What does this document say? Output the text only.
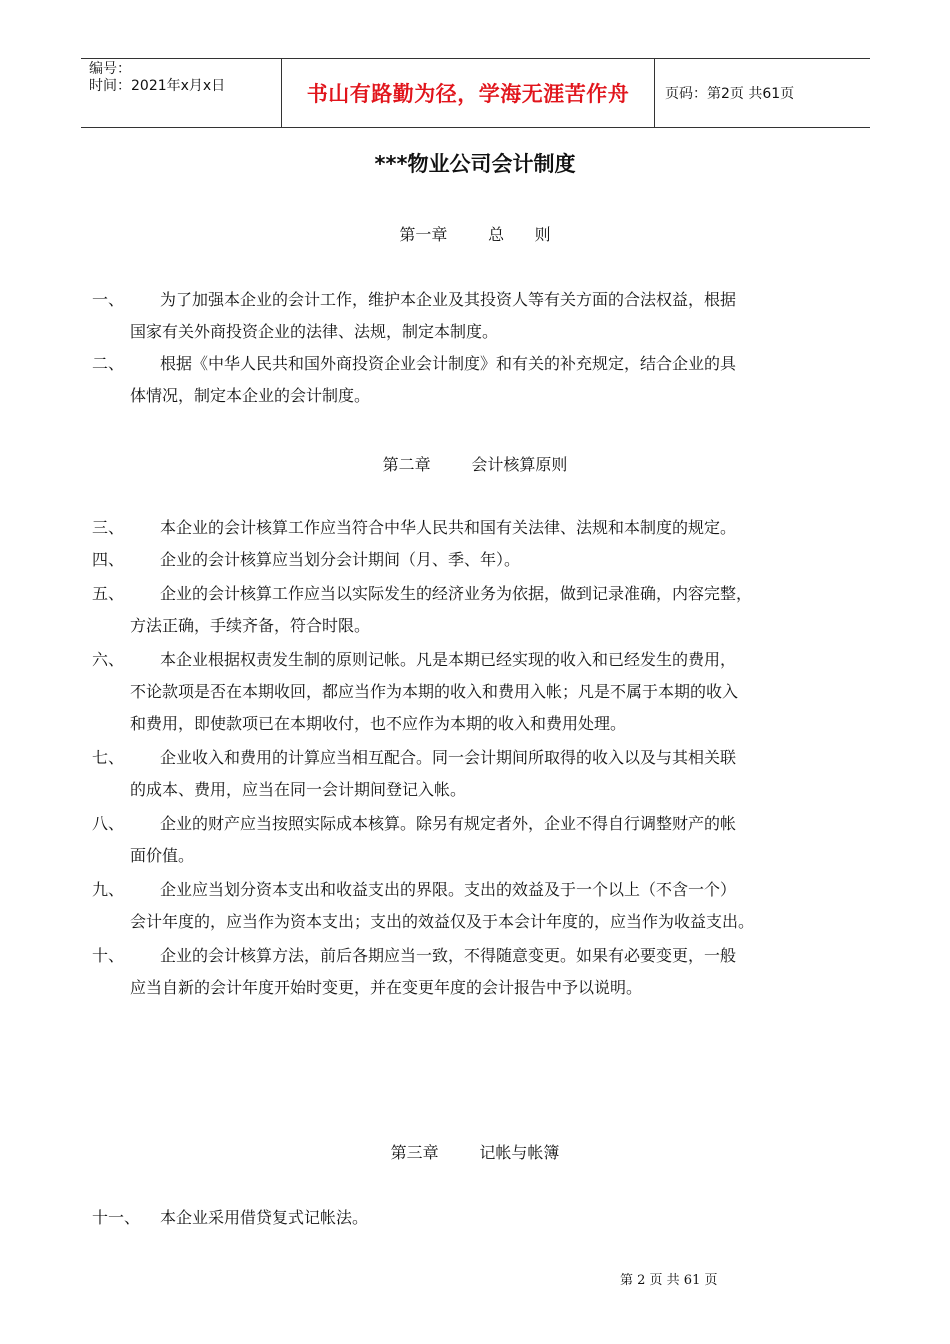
编号：
时间：2021年x月x日	书山有路勤为径，学海无涯苦作舟	页码：第2页 共61页
***物业公司会计制度
第一章        总      则
一、 为了加强本企业的会计工作，维护本企业及其投资人等有关方面的合法权益，根据
国家有关外商投资企业的法律、法规，制定本制度。
二、 根据《中华人民共和国外商投资企业会计制度》和有关的补充规定，结合企业的具
体情况，制定本企业的会计制度。
第二章        会计核算原则
三、 本企业的会计核算工作应当符合中华人民共和国有关法律、法规和本制度的规定。
四、 企业的会计核算应当划分会计期间（月、季、年）。
五、 企业的会计核算工作应当以实际发生的经济业务为依据，做到记录准确，内容完整，
方法正确，手续齐备，符合时限。
六、 本企业根据权责发生制的原则记帐。凡是本期已经实现的收入和已经发生的费用，
不论款项是否在本期收回，都应当作为本期的收入和费用入帐；凡是不属于本期的收入
和费用，即使款项已在本期收付，也不应作为本期的收入和费用处理。
七、 企业收入和费用的计算应当相互配合。同一会计期间所取得的收入以及与其相关联
的成本、费用，应当在同一会计期间登记入帐。
八、 企业的财产应当按照实际成本核算。除另有规定者外，企业不得自行调整财产的帐
面价值。
九、 企业应当划分资本支出和收益支出的界限。支出的效益及于一个以上（不含一个）
会计年度的，应当作为资本支出；支出的效益仅及于本会计年度的，应当作为收益支出。
十、 企业的会计核算方法，前后各期应当一致，不得随意变更。如果有必要变更，一般
应当自新的会计年度开始时变更，并在变更年度的会计报告中予以说明。
第三章        记帐与帐簿
十一、 本企业采用借贷复式记帐法。
第 2 页 共 61 页
